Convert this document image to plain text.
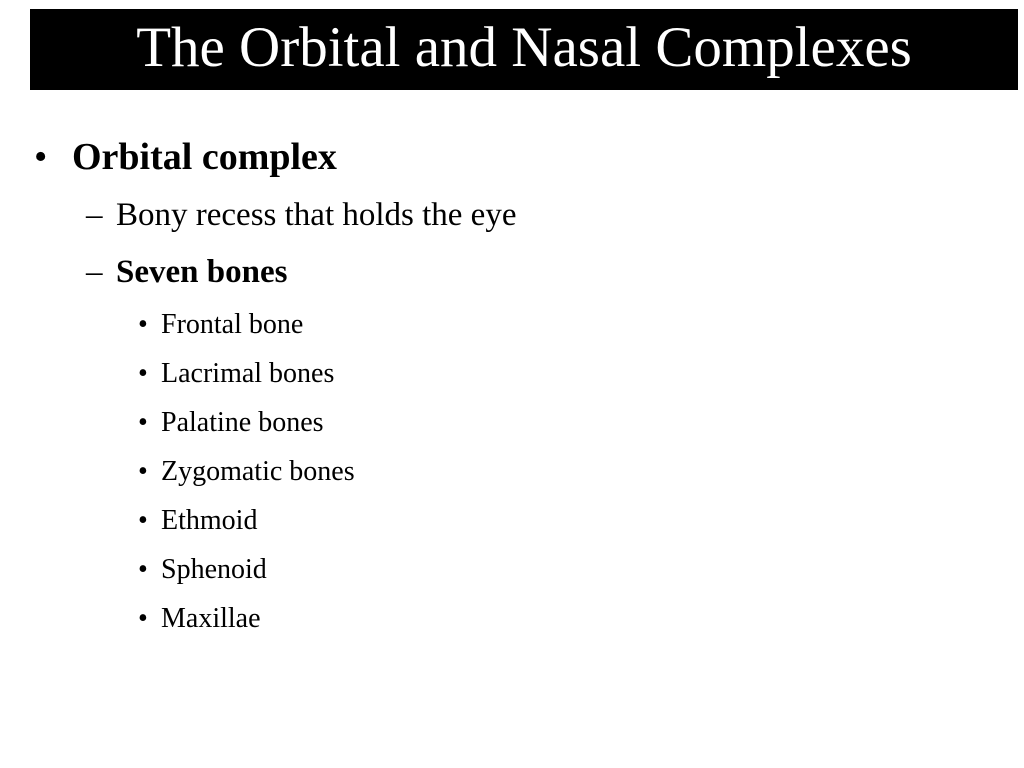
The Orbital and Nasal Complexes
• Orbital complex
– Bony recess that holds the eye
– Seven bones
• Frontal bone
• Lacrimal bones
• Palatine bones
• Zygomatic bones
• Ethmoid
• Sphenoid
• Maxillae
